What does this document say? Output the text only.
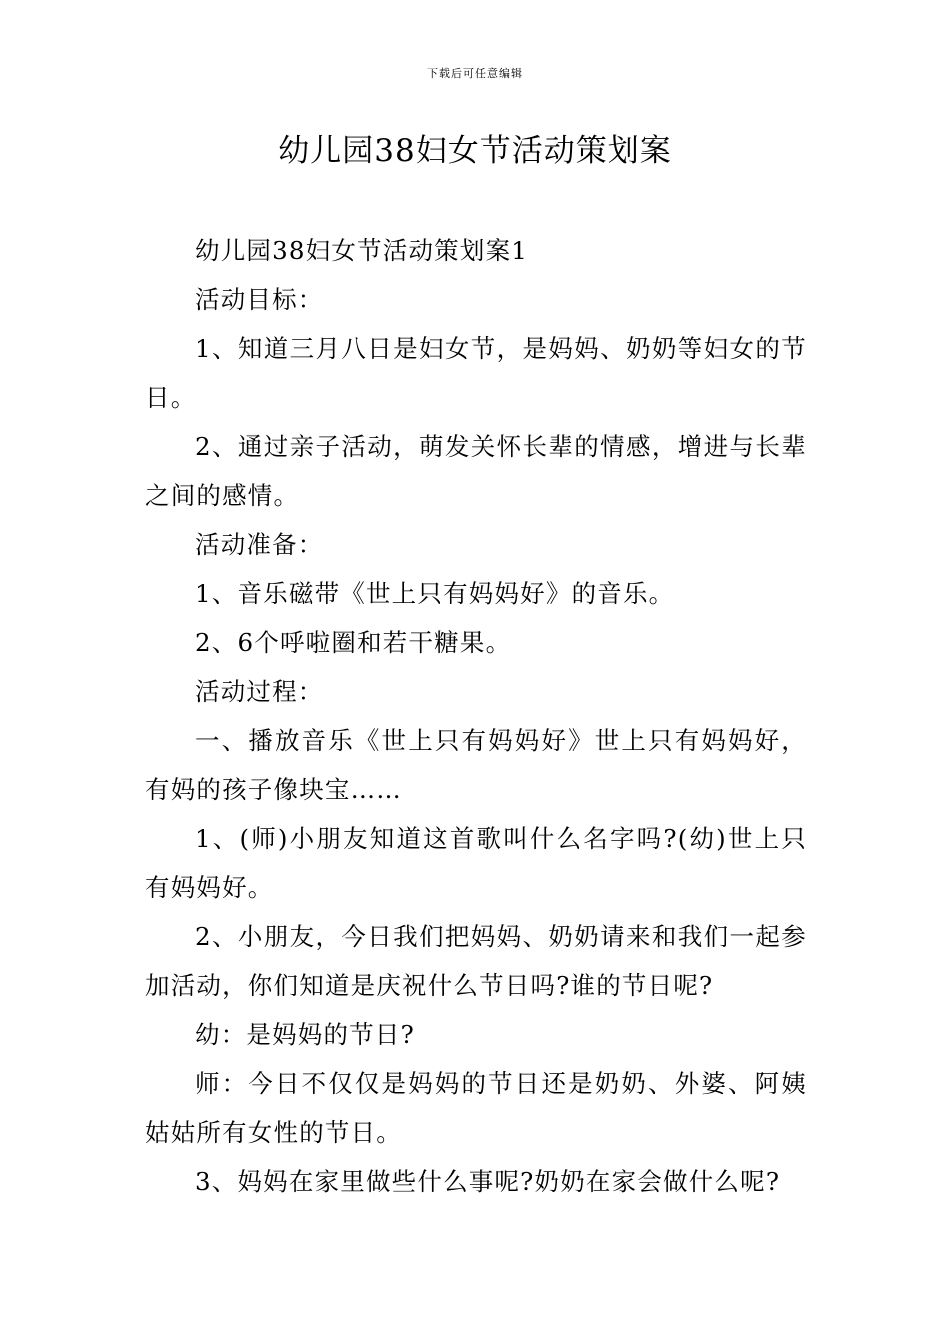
下载后可任意编辑
幼儿园38妇女节活动策划案

幼儿园38妇女节活动策划案1

活动目标：

1、知道三月八日是妇女节，是妈妈、奶奶等妇女的节日。

2、通过亲子活动，萌发关怀长辈的情感，增进与长辈之间的感情。

活动准备：

1、音乐磁带《世上只有妈妈好》的音乐。

2、6个呼啦圈和若干糖果。

活动过程：

一、播放音乐《世上只有妈妈好》世上只有妈妈好，有妈的孩子像块宝……

1、(师)小朋友知道这首歌叫什么名字吗?(幼)世上只有妈妈好。

2、小朋友，今日我们把妈妈、奶奶请来和我们一起参加活动，你们知道是庆祝什么节日吗?谁的节日呢?

幼：是妈妈的节日?

师：今日不仅仅是妈妈的节日还是奶奶、外婆、阿姨姑姑所有女性的节日。

3、妈妈在家里做些什么事呢?奶奶在家会做什么呢?
